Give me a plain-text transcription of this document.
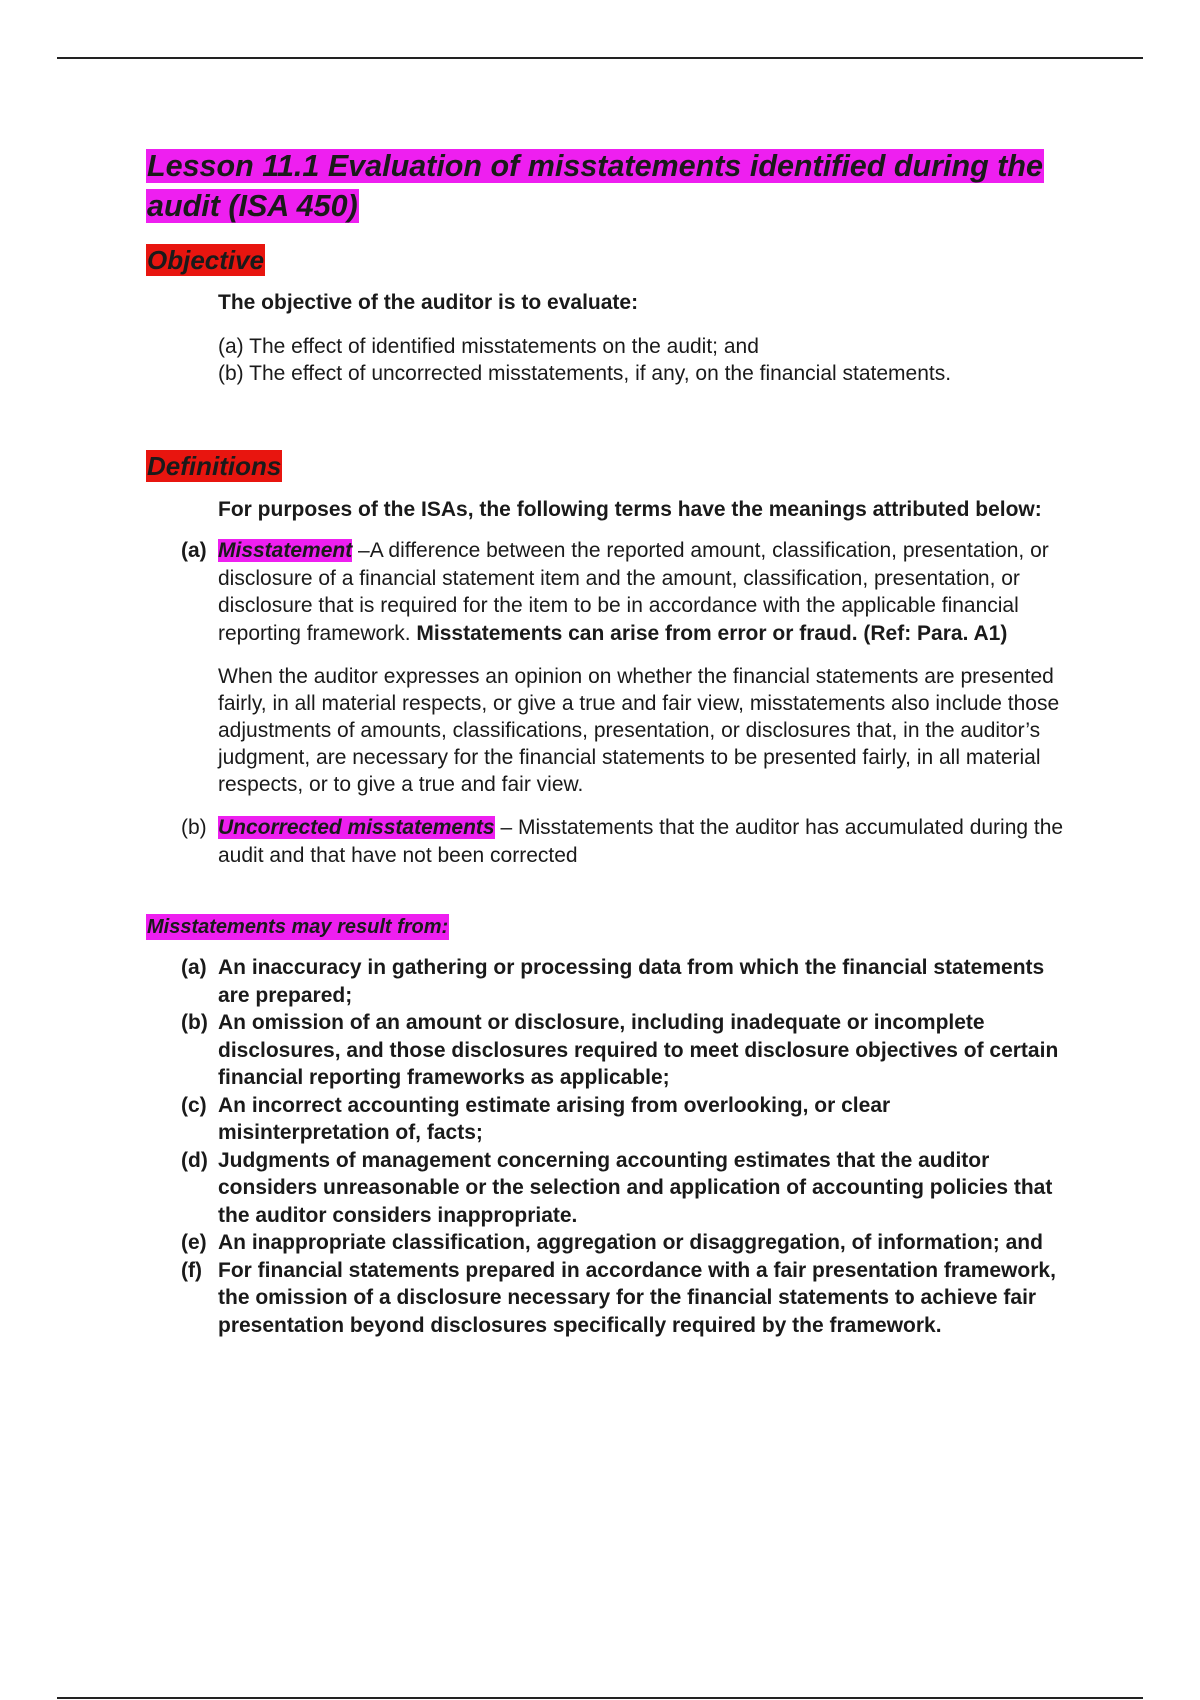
Lesson 11.1 Evaluation of misstatements identified during the audit (ISA 450)
Objective
The objective of the auditor is to evaluate:
(a) The effect of identified misstatements on the audit; and
(b) The effect of uncorrected misstatements, if any, on the financial statements.
Definitions
For purposes of the ISAs, the following terms have the meanings attributed below:
(a) Misstatement –A difference between the reported amount, classification, presentation, or disclosure of a financial statement item and the amount, classification, presentation, or disclosure that is required for the item to be in accordance with the applicable financial reporting framework. Misstatements can arise from error or fraud. (Ref: Para. A1)
When the auditor expresses an opinion on whether the financial statements are presented fairly, in all material respects, or give a true and fair view, misstatements also include those adjustments of amounts, classifications, presentation, or disclosures that, in the auditor’s judgment, are necessary for the financial statements to be presented fairly, in all material respects, or to give a true and fair view.
(b) Uncorrected misstatements – Misstatements that the auditor has accumulated during the audit and that have not been corrected
Misstatements may result from:
(a) An inaccuracy in gathering or processing data from which the financial statements are prepared;
(b) An omission of an amount or disclosure, including inadequate or incomplete disclosures, and those disclosures required to meet disclosure objectives of certain financial reporting frameworks as applicable;
(c) An incorrect accounting estimate arising from overlooking, or clear misinterpretation of, facts;
(d) Judgments of management concerning accounting estimates that the auditor considers unreasonable or the selection and application of accounting policies that the auditor considers inappropriate.
(e) An inappropriate classification, aggregation or disaggregation, of information; and
(f) For financial statements prepared in accordance with a fair presentation framework, the omission of a disclosure necessary for the financial statements to achieve fair presentation beyond disclosures specifically required by the framework.
